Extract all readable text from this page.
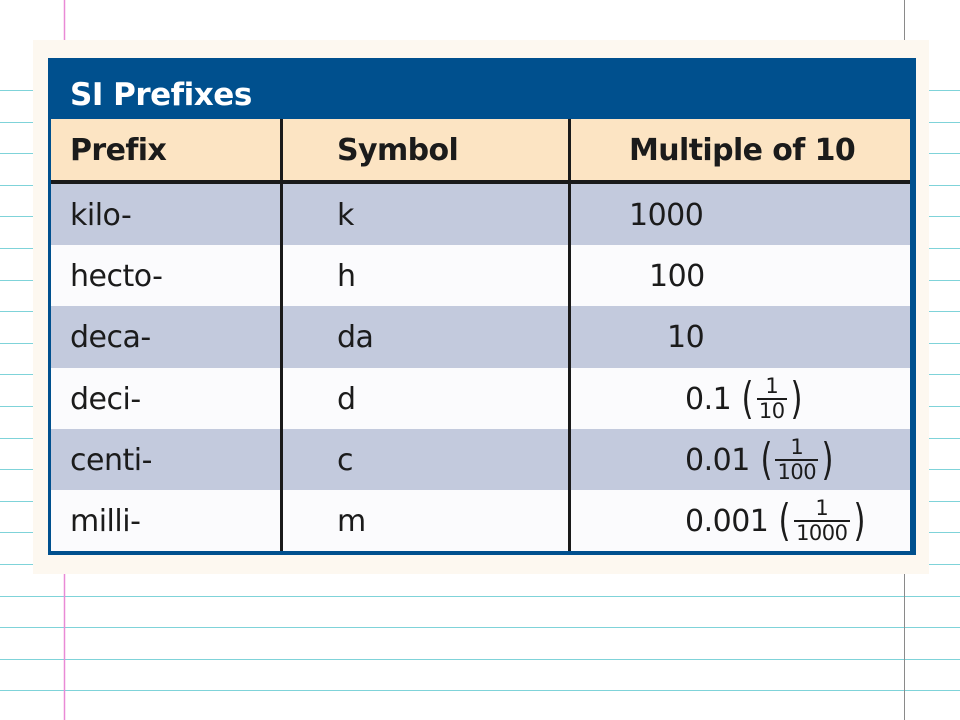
SI Prefixes
Prefix	Symbol	Multiple of 10
kilo-	k	1000
hecto-	h	100
deca-	da	10
deci-	d	0.1 ( $\frac{1}{10}$ )
centi-	c	0.01 ( $\frac{1}{100}$ )
milli-	m	0.001 ( $\frac{1}{1000}$ )
